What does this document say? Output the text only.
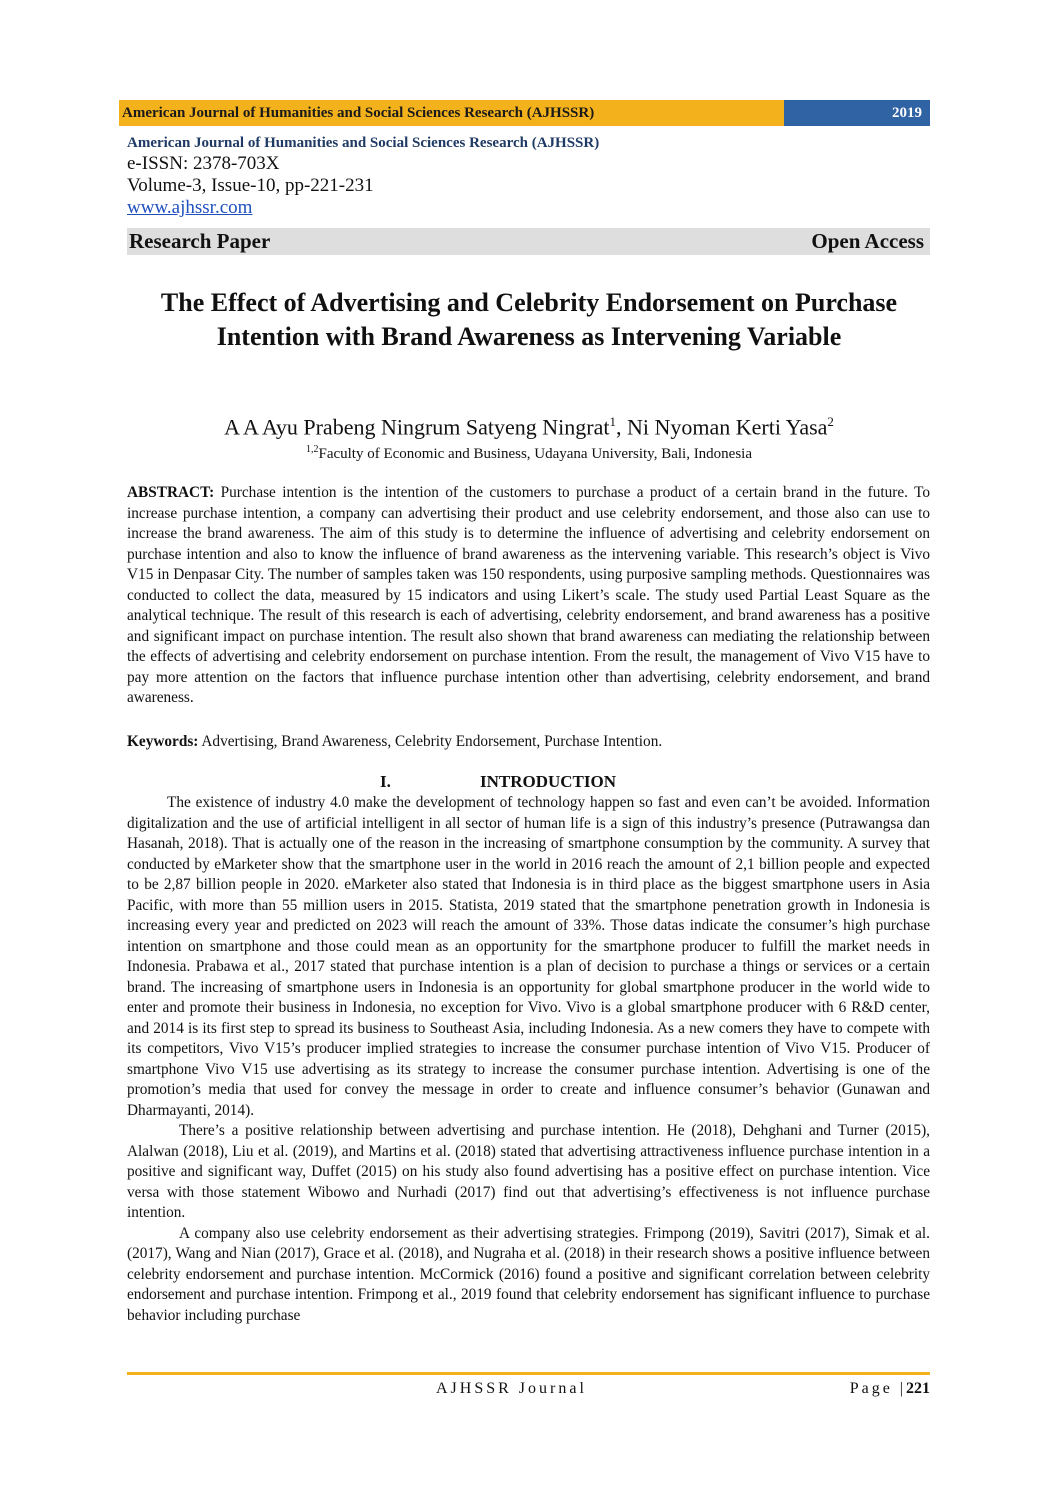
American Journal of Humanities and Social Sciences Research (AJHSSR)	2019
American Journal of Humanities and Social Sciences Research (AJHSSR)
e-ISSN: 2378-703X
Volume-3, Issue-10, pp-221-231
www.ajhssr.com
Research Paper	Open Access
The Effect of Advertising and Celebrity Endorsement on Purchase Intention with Brand Awareness as Intervening Variable
A A Ayu Prabeng Ningrum Satyeng Ningrat$^1$, Ni Nyoman Kerti Yasa$^2$
$^{1,2}$Faculty of Economic and Business, Udayana University, Bali, Indonesia
ABSTRACT: Purchase intention is the intention of the customers to purchase a product of a certain brand in the future. To increase purchase intention, a company can advertising their product and use celebrity endorsement, and those also can use to increase the brand awareness. The aim of this study is to determine the influence of advertising and celebrity endorsement on purchase intention and also to know the influence of brand awareness as the intervening variable. This research’s object is Vivo V15 in Denpasar City. The number of samples taken was 150 respondents, using purposive sampling methods. Questionnaires was conducted to collect the data, measured by 15 indicators and using Likert’s scale. The study used Partial Least Square as the analytical technique. The result of this research is each of advertising, celebrity endorsement, and brand awareness has a positive and significant impact on purchase intention. The result also shown that brand awareness can mediating the relationship between the effects of advertising and celebrity endorsement on purchase intention. From the result, the management of Vivo V15 have to pay more attention on the factors that influence purchase intention other than advertising, celebrity endorsement, and brand awareness.
Keywords: Advertising, Brand Awareness, Celebrity Endorsement, Purchase Intention.
I.	INTRODUCTION

The existence of industry 4.0 make the development of technology happen so fast and even can’t be avoided. Information digitalization and the use of artificial intelligent in all sector of human life is a sign of this industry’s presence (Putrawangsa dan Hasanah, 2018). That is actually one of the reason in the increasing of smartphone consumption by the community. A survey that conducted by eMarketer show that the smartphone user in the world in 2016 reach the amount of 2,1 billion people and expected to be 2,87 billion people in 2020. eMarketer also stated that Indonesia is in third place as the biggest smartphone users in Asia Pacific, with more than 55 million users in 2015. Statista, 2019 stated that the smartphone penetration growth in Indonesia is increasing every year and predicted on 2023 will reach the amount of 33%. Those datas indicate the consumer’s high purchase intention on smartphone and those could mean as an opportunity for the smartphone producer to fulfill the market needs in Indonesia. Prabawa et al., 2017 stated that purchase intention is a plan of decision to purchase a things or services or a certain brand. The increasing of smartphone users in Indonesia is an opportunity for global smartphone producer in the world wide to enter and promote their business in Indonesia, no exception for Vivo. Vivo is a global smartphone producer with 6 R&D center, and 2014 is its first step to spread its business to Southeast Asia, including Indonesia. As a new comers they have to compete with its competitors, Vivo V15’s producer implied strategies to increase the consumer purchase intention of Vivo V15. Producer of smartphone Vivo V15 use advertising as its strategy to increase the consumer purchase intention. Advertising is one of the promotion’s media that used for convey the message in order to create and influence consumer’s behavior (Gunawan and Dharmayanti, 2014).

There’s a positive relationship between advertising and purchase intention. He (2018), Dehghani and Turner (2015), Alalwan (2018), Liu et al. (2019), and Martins et al. (2018) stated that advertising attractiveness influence purchase intention in a positive and significant way, Duffet (2015) on his study also found advertising has a positive effect on purchase intention. Vice versa with those statement Wibowo and Nurhadi (2017) find out that advertising’s effectiveness is not influence purchase intention.

A company also use celebrity endorsement as their advertising strategies. Frimpong (2019), Savitri (2017), Simak et al. (2017), Wang and Nian (2017), Grace et al. (2018), and Nugraha et al. (2018) in their research shows a positive influence between celebrity endorsement and purchase intention. McCormick (2016) found a positive and significant correlation between celebrity endorsement and purchase intention. Frimpong et al., 2019 found that celebrity endorsement has significant influence to purchase behavior including purchase

AJHSSR Journal	Page |221
